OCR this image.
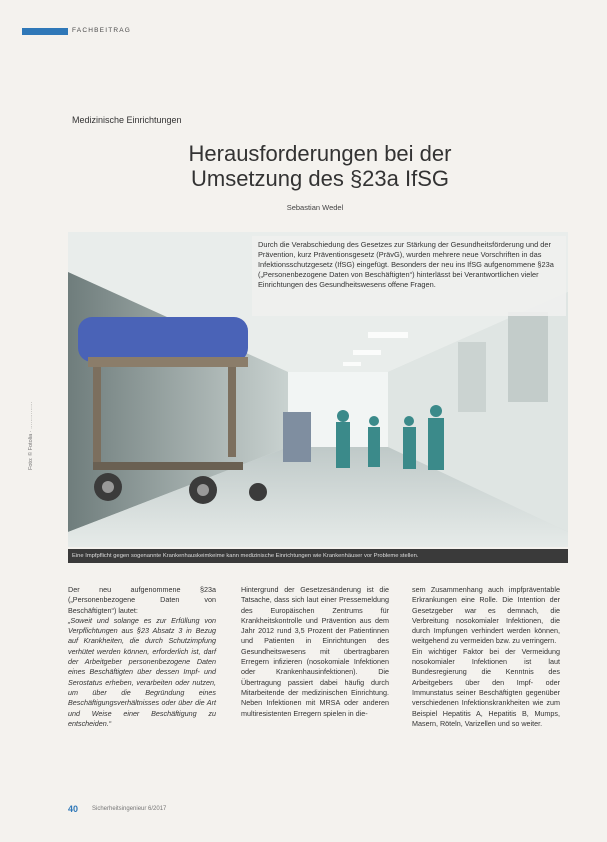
FACHBEITRAG
Medizinische Einrichtungen
Herausforderungen bei der
Umsetzung des §23a IfSG
Sebastian Wedel
Durch die Verabschiedung des Gesetzes zur Stärkung der Gesundheitsförderung und der Prävention, kurz Präventionsgesetz (PrävG), wurden mehrere neue Vorschriften in das Infektionsschutzgesetz (IfSG) eingefügt. Besonders der neu ins IfSG aufgenommene §23a („Personenbezogene Daten von Beschäftigten“) hinterlässt bei Verantwortlichen vieler Einrichtungen des Gesundheitswesens offene Fragen.
Foto: © Fotolia · ……………
Eine Impfpflicht gegen sogenannte Krankenhauskeimkeime kann medizinische Einrichtungen wie Krankenhäuser vor Probleme stellen.

Der neu aufgenommene §23a („Personenbezogene Daten von Beschäftigten“) lautet:

„Soweit und solange es zur Erfüllung von Verpflichtungen aus §23 Absatz 3 in Bezug auf Krankheiten, die durch Schutzimpfung verhütet werden können, erforderlich ist, darf der Arbeitgeber personenbezogene Daten eines Beschäftigten über dessen Impf- und Serostatus erheben, verarbeiten oder nutzen, um über die Begründung eines Beschäftigungsverhältnisses oder über die Art und Weise einer Beschäftigung zu entscheiden.“

Hintergrund der Gesetzesänderung ist die Tatsache, dass sich laut einer Pressemeldung des Europäischen Zentrums für Krankheitskontrolle und Prävention aus dem Jahr 2012 rund 3,5 Prozent der Patientinnen und Patienten in Einrichtungen des Gesundheitswesens mit übertragbaren Erregern infizieren (nosokomiale Infektionen oder Krankenhausinfektionen). Die Übertragung passiert dabei häufig durch Mitarbeitende der medizinischen Einrichtung. Neben Infektionen mit MRSA oder anderen multiresistenten Erregern spielen in die-

sem Zusammenhang auch impfpräventable Erkrankungen eine Rolle. Die Intention der Gesetzgeber war es demnach, die Verbreitung nosokomialer Infektionen, die durch Impfungen verhindert werden können, weitgehend zu vermeiden bzw. zu verringern.

Ein wichtiger Faktor bei der Vermeidung nosokomialer Infektionen ist laut Bundesregierung die Kenntnis des Arbeitgebers über den Impf- oder Immunstatus seiner Beschäftigten gegenüber verschiedenen Infektionskrankheiten wie zum Beispiel Hepatitis A, Hepatitis B, Mumps, Masern, Röteln, Varizellen und so weiter.

40 Sicherheitsingenieur 6/2017
